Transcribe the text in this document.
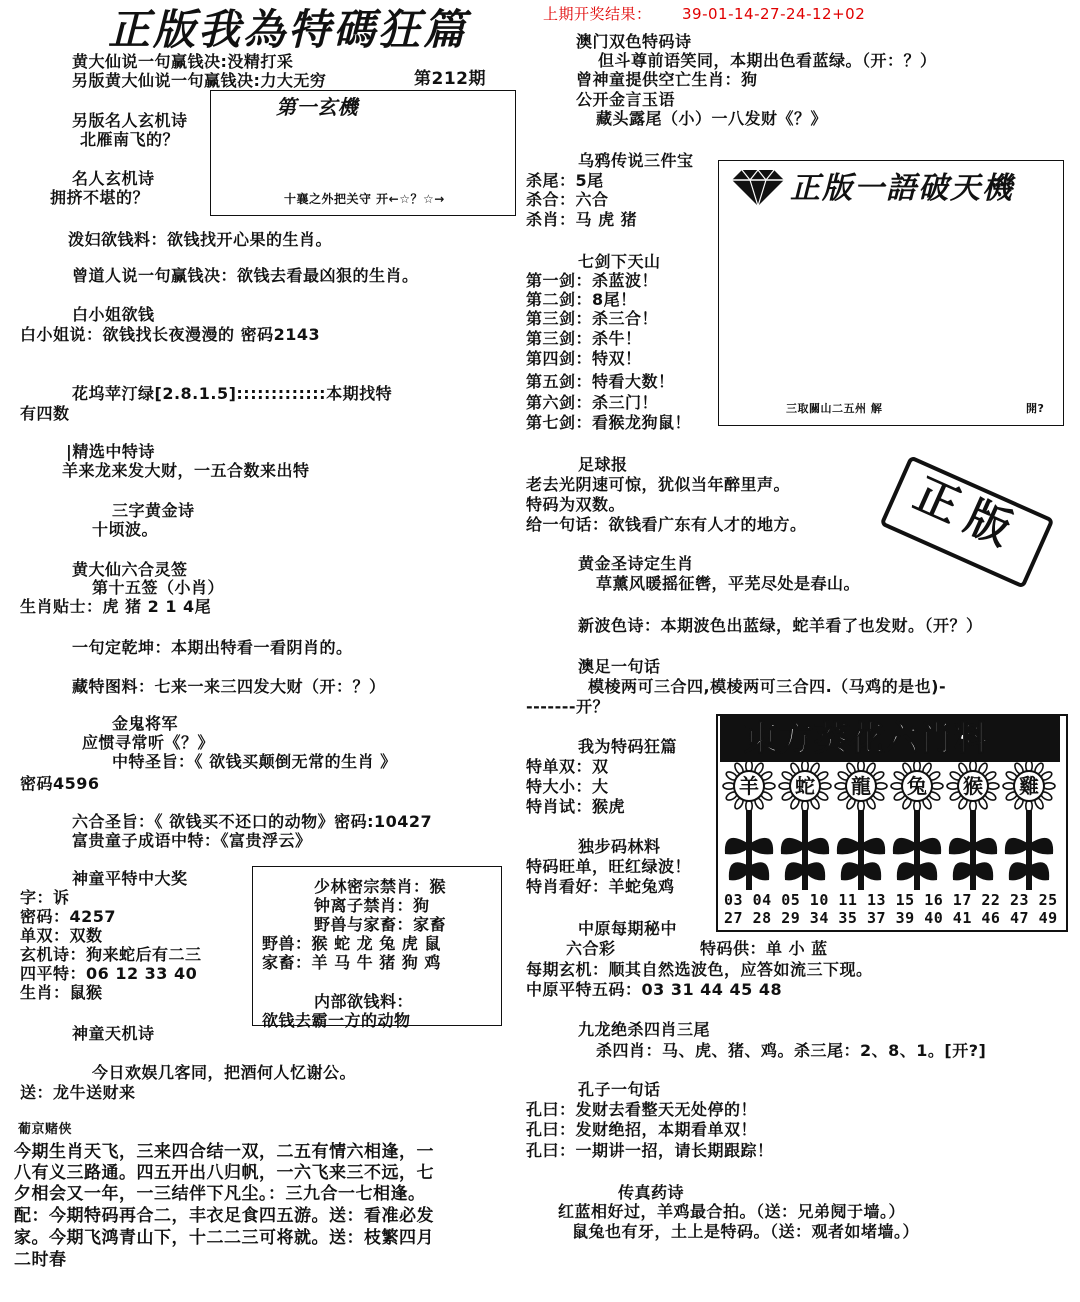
正版我為特碼狂篇	上期开奖结果： 39-01-14-27-24-12+02
黄大仙说一句赢钱决:没精打采
另版黄大仙说一句赢钱决:力大无穷	第212期
第一玄機
十襄之外把关守 开←☆？☆→
另版名人玄机诗
北雁南飞的？
名人玄机诗
拥挤不堪的？
泼妇欲钱料：欲钱找开心果的生肖。
曾道人说一句赢钱决：欲钱去看最凶狠的生肖。
白小姐欲钱
白小姐说：欲钱找长夜漫漫的 密码2143
花坞苹汀绿[2.8.1.5]:::::::::::::本期找特
有四数
|精选中特诗
羊来龙来发大财，一五合数来出特
三字黄金诗
十顷波。
黄大仙六合灵签
第十五签（小肖）
生肖贴士：虎 猪 2 1 4尾
一句定乾坤：本期出特看一看阴肖的。
藏特图料：七来一来三四发大财（开：？）
金鬼将军
应惯寻常听《？》
中特圣旨：《 欲钱买颠倒无常的生肖 》
密码4596
六合圣旨：《 欲钱买不还口的动物》密码:10427
富贵童子成语中特：《富贵浮云》
神童平特中大奖
字：诉
密码：4257
单双：双数
玄机诗：狗来蛇后有二三
四平特：06 12 33 40
生肖：鼠猴
少林密宗禁肖：猴
钟离子禁肖：狗
野兽与家畜：家畜
野兽：猴 蛇 龙 兔 虎 鼠
家畜：羊 马 牛 猪 狗 鸡
内部欲钱料：
欲钱去霸一方的动物
神童天机诗
今日欢娱几客同，把酒何人忆谢公。
送：龙牛送财来
葡京赌侠
今期生肖天飞，三来四合结一双，二五有情六相逢，一
八有义三路通。四五开出八归帆，一六飞来三不远，七
夕相会又一年，一三结伴下凡尘。：三九合一七相逢。
配：今期特码再合二，丰衣足食四五游。送：看准必发
家。今期飞鸿青山下，十二二三可将就。送：枝繁四月
二时春
澳门双色特码诗
但斗尊前语笑同，本期出色看蓝绿。（开：？）
曾神童提供空亡生肖：狗
公开金言玉语
藏头露尾（小）一八发财《？》
乌鸦传说三件宝
杀尾：5尾
杀合：六合
杀肖：马 虎 猪
七剑下天山
第一剑：杀蓝波！
第二剑：8尾！
第三剑：杀三合！
第三剑：杀牛！
第四剑：特双！
第五剑：特看大数！
第六剑：杀三门！
第七剑：看猴龙狗鼠！
正版一語破天機
三取關山二五州 解	開?
正版
足球报
老去光阴速可惊，犹似当年醉里声。
特码为双数。
给一句话：欲钱看广东有人才的地方。
黄金圣诗定生肖
草薰风暖摇征辔，平芜尽处是春山。
新波色诗：本期波色出蓝绿，蛇羊看了也发财。（开？）
澳足一句话
模棱两可三合四,模棱两可三合四.（马鸡的是也)-
-------开？
我为特码狂篇
特单双：双
特大小：大
特肖试：猴虎
独步码林料
特码旺单，旺红绿波！
特肖看好：羊蛇兔鸡
東方葵花六肖料
羊 蛇 龍 兔 猴 雞
03 04 05 10 11 13 15 16 17 22 23 25
27 28 29 34 35 37 39 40 41 46 47 49
中原每期秘中
六合彩	特码供：单 小 蓝
每期玄机：顺其自然选波色，应答如流三下现。
中原平特五码：03 31 44 45 48
九龙绝杀四肖三尾
杀四肖：马、虎、猪、鸡。杀三尾：2、8、1。[开?]
孔子一句话
孔曰：发财去看整天无处停的！
孔曰：发财绝招，本期看单双！
孔曰：一期讲一招，请长期跟踪！
传真药诗
红蓝相好过，羊鸡最合拍。（送：兄弟阋于墙。）
鼠兔也有牙，土上是特码。（送：观者如堵墙。）
